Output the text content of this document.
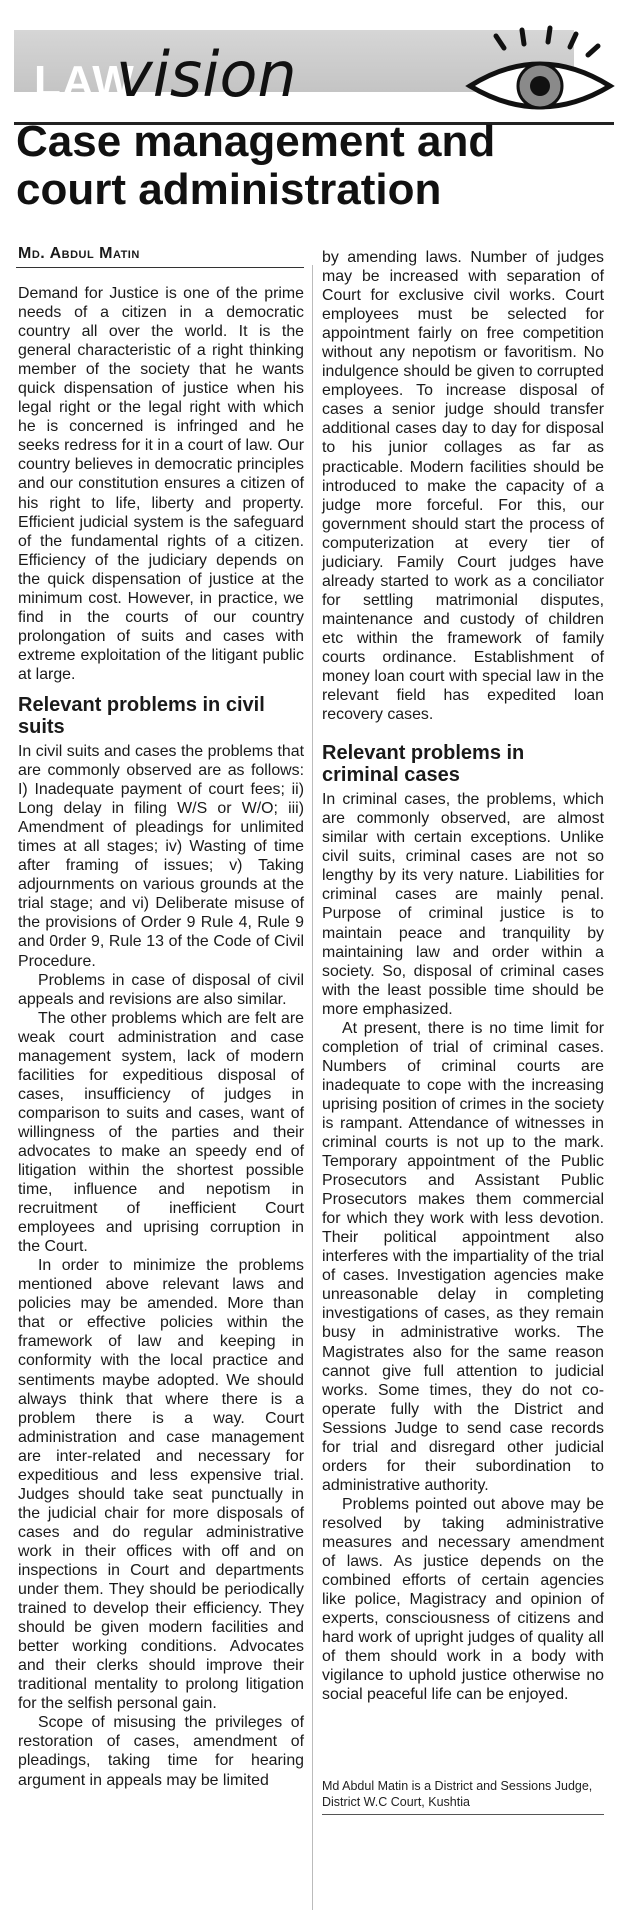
LAW
vision
Case management and court administration
Md. Abdul Matin

Demand for Justice is one of the prime needs of a citizen in a democratic country all over the world. It is the general characteristic of a right thinking member of the society that he wants quick dispensation of justice when his legal right or the legal right with which he is concerned is infringed and he seeks redress for it in a court of law. Our country believes in democratic principles and our constitution ensures a citizen of his right to life, liberty and property. Efficient judicial system is the safeguard of the fundamental rights of a citizen. Efficiency of the judiciary depends on the quick dispensation of justice at the minimum cost. However, in practice, we find in the courts of our country prolongation of suits and cases with extreme exploitation of the litigant public at large.

Relevant problems in civil suits

In civil suits and cases the problems that are commonly observed are as follows: I) Inadequate payment of court fees; ii) Long delay in filing W/S or W/O; iii) Amendment of pleadings for unlimited times at all stages; iv) Wasting of time after framing of issues; v) Taking adjournments on various grounds at the trial stage; and vi) Deliberate misuse of the provisions of Order 9 Rule 4, Rule 9 and 0rder 9, Rule 13 of the Code of Civil Procedure.

Problems in case of disposal of civil appeals and revisions are also similar.

The other problems which are felt are weak court administration and case management system, lack of modern facilities for expeditious disposal of cases, insufficiency of judges in comparison to suits and cases, want of willingness of the parties and their advocates to make an speedy end of litigation within the shortest possible time, influence and nepotism in recruitment of inefficient Court employees and uprising corruption in the Court.

In order to minimize the problems mentioned above relevant laws and policies may be amended. More than that or effective policies within the framework of law and keeping in conformity with the local practice and sentiments maybe adopted. We should always think that where there is a problem there is a way. Court administration and case management are inter-related and necessary for expeditious and less expensive trial. Judges should take seat punctually in the judicial chair for more disposals of cases and do regular administrative work in their offices with off and on inspections in Court and departments under them. They should be periodically trained to develop their efficiency. They should be given modern facilities and better working conditions. Advocates and their clerks should improve their traditional mentality to prolong litigation for the selfish personal gain.

Scope of misusing the privileges of restoration of cases, amendment of pleadings, taking time for hearing argument in appeals may be limited

by amending laws. Number of judges may be increased with separation of Court for exclusive civil works. Court employees must be selected for appointment fairly on free competition without any nepotism or favoritism. No indulgence should be given to corrupted employees. To increase disposal of cases a senior judge should transfer additional cases day to day for disposal to his junior collages as far as practicable. Modern facilities should be introduced to make the capacity of a judge more forceful. For this, our government should start the process of computerization at every tier of judiciary. Family Court judges have already started to work as a conciliator for settling matrimonial disputes, maintenance and custody of children etc within the framework of family courts ordinance. Establishment of money loan court with special law in the relevant field has expedited loan recovery cases.

Relevant problems in criminal cases

In criminal cases, the problems, which are commonly observed, are almost similar with certain exceptions. Unlike civil suits, criminal cases are not so lengthy by its very nature. Liabilities for criminal cases are mainly penal. Purpose of criminal justice is to maintain peace and tranquility by maintaining law and order within a society. So, disposal of criminal cases with the least possible time should be more emphasized.

At present, there is no time limit for completion of trial of criminal cases. Numbers of criminal courts are inadequate to cope with the increasing uprising position of crimes in the society is rampant. Attendance of witnesses in criminal courts is not up to the mark. Temporary appointment of the Public Prosecutors and Assistant Public Prosecutors makes them commercial for which they work with less devotion. Their political appointment also interferes with the impartiality of the trial of cases. Investigation agencies make unreasonable delay in completing investigations of cases, as they remain busy in administrative works. The Magistrates also for the same reason cannot give full attention to judicial works. Some times, they do not co-operate fully with the District and Sessions Judge to send case records for trial and disregard other judicial orders for their subordination to administrative authority.

Problems pointed out above may be resolved by taking administrative measures and necessary amendment of laws. As justice depends on the combined efforts of certain agencies like police, Magistracy and opinion of experts, consciousness of citizens and hard work of upright judges of quality all of them should work in a body with vigilance to uphold justice otherwise no social peaceful life can be enjoyed.

Md Abdul Matin is a District and Sessions Judge, District W.C Court, Kushtia
